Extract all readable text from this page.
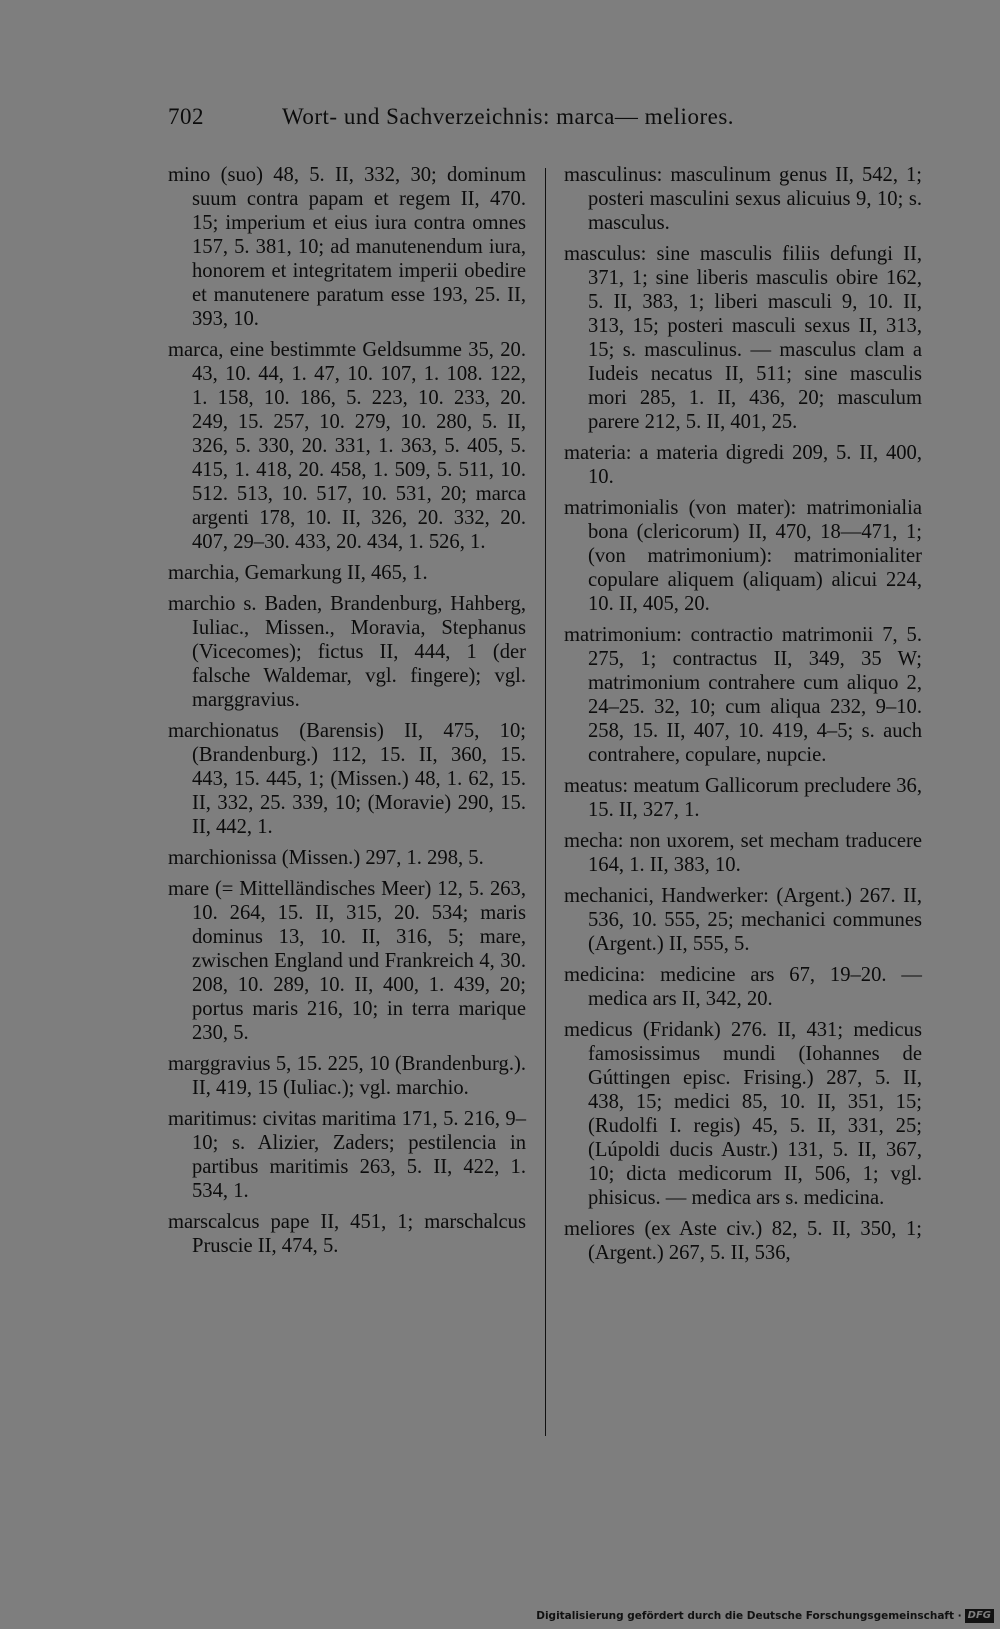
702	Wort- und Sachverzeichnis: marca— meliores.

mino (suo) 48, 5. II, 332, 30; dominum suum contra papam et regem II, 470. 15; imperium et eius iura contra omnes 157, 5. 381, 10; ad manutenendum iura, honorem et integritatem imperii obedire et manutenere paratum esse 193, 25. II, 393, 10.

marca, eine bestimmte Geldsumme 35, 20. 43, 10. 44, 1. 47, 10. 107, 1. 108. 122, 1. 158, 10. 186, 5. 223, 10. 233, 20. 249, 15. 257, 10. 279, 10. 280, 5. II, 326, 5. 330, 20. 331, 1. 363, 5. 405, 5. 415, 1. 418, 20. 458, 1. 509, 5. 511, 10. 512. 513, 10. 517, 10. 531, 20; marca argenti 178, 10. II, 326, 20. 332, 20. 407, 29–30. 433, 20. 434, 1. 526, 1.

marchia, Gemarkung II, 465, 1.

marchio s. Baden, Brandenburg, Hahberg, Iuliac., Missen., Moravia, Stephanus (Vicecomes); fictus II, 444, 1 (der falsche Waldemar, vgl. fingere); vgl. marggravius.

marchionatus (Barensis) II, 475, 10; (Brandenburg.) 112, 15. II, 360, 15. 443, 15. 445, 1; (Missen.) 48, 1. 62, 15. II, 332, 25. 339, 10; (Moravie) 290, 15. II, 442, 1.

marchionissa (Missen.) 297, 1. 298, 5.

mare (= Mittelländisches Meer) 12, 5. 263, 10. 264, 15. II, 315, 20. 534; maris dominus 13, 10. II, 316, 5; mare, zwischen England und Frankreich 4, 30. 208, 10. 289, 10. II, 400, 1. 439, 20; portus maris 216, 10; in terra marique 230, 5.

marggravius 5, 15. 225, 10 (Brandenburg.). II, 419, 15 (Iuliac.); vgl. marchio.

maritimus: civitas maritima 171, 5. 216, 9–10; s. Alizier, Zaders; pestilencia in partibus maritimis 263, 5. II, 422, 1. 534, 1.

marscalcus pape II, 451, 1; marschalcus Pruscie II, 474, 5.

masculinus: masculinum genus II, 542, 1; posteri masculini sexus alicuius 9, 10; s. masculus.

masculus: sine masculis filiis defungi II, 371, 1; sine liberis masculis obire 162, 5. II, 383, 1; liberi masculi 9, 10. II, 313, 15; posteri masculi sexus II, 313, 15; s. masculinus. — masculus clam a Iudeis necatus II, 511; sine masculis mori 285, 1. II, 436, 20; masculum parere 212, 5. II, 401, 25.

materia: a materia digredi 209, 5. II, 400, 10.

matrimonialis (von mater): matrimonialia bona (clericorum) II, 470, 18—471, 1; (von matrimonium): matrimonialiter copulare aliquem (aliquam) alicui 224, 10. II, 405, 20.

matrimonium: contractio matrimonii 7, 5. 275, 1; contractus II, 349, 35 W; matrimonium contrahere cum aliquo 2, 24–25. 32, 10; cum aliqua 232, 9–10. 258, 15. II, 407, 10. 419, 4–5; s. auch contrahere, copulare, nupcie.

meatus: meatum Gallicorum precludere 36, 15. II, 327, 1.

mecha: non uxorem, set mecham traducere 164, 1. II, 383, 10.

mechanici, Handwerker: (Argent.) 267. II, 536, 10. 555, 25; mechanici communes (Argent.) II, 555, 5.

medicina: medicine ars 67, 19–20. — medica ars II, 342, 20.

medicus (Fridank) 276. II, 431; medicus famosissimus mundi (Iohannes de Gúttingen episc. Frising.) 287, 5. II, 438, 15; medici 85, 10. II, 351, 15; (Rudolfi I. regis) 45, 5. II, 331, 25; (Lúpoldi ducis Austr.) 131, 5. II, 367, 10; dicta medicorum II, 506, 1; vgl. phisicus. — medica ars s. medicina.

meliores (ex Aste civ.) 82, 5. II, 350, 1; (Argent.) 267, 5. II, 536,

Digitalisierung gefördert durch die Deutsche Forschungsgemeinschaft · DFG
